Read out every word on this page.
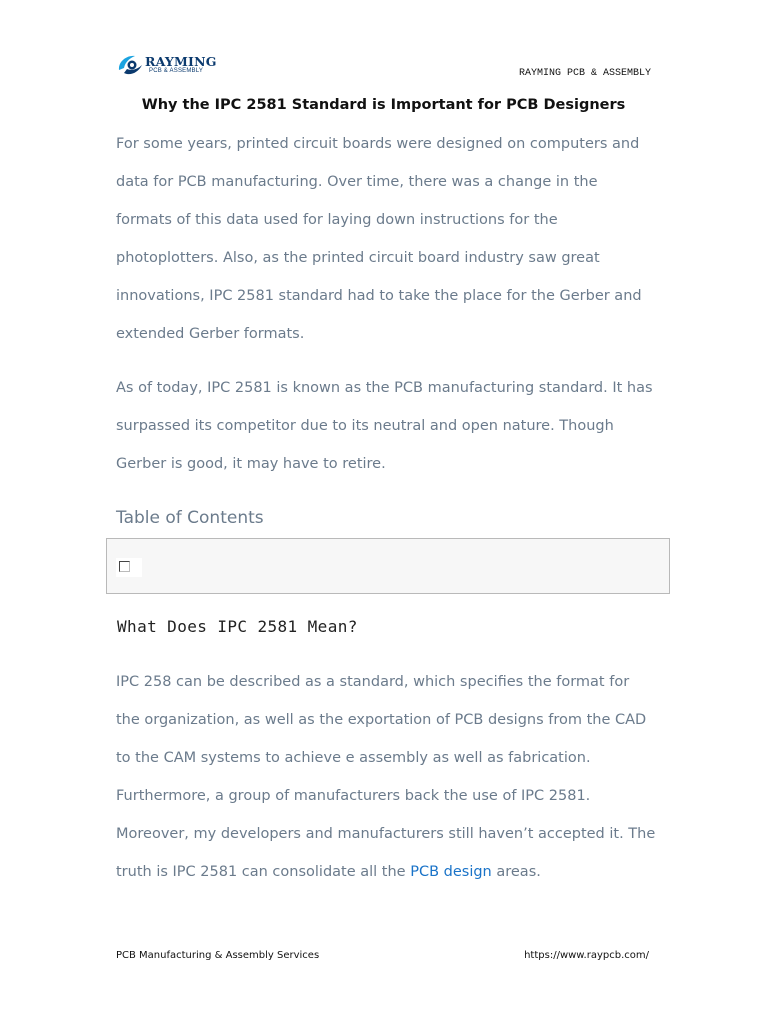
RAYMING
PCB & ASSEMBLY	RAYMING PCB & ASSEMBLY
Why the IPC 2581 Standard is Important for PCB Designers

For some years, printed circuit boards were designed on computers and data for PCB manufacturing. Over time, there was a change in the formats of this data used for laying down instructions for the photoplotters. Also, as the printed circuit board industry saw great innovations, IPC 2581 standard had to take the place for the Gerber and extended Gerber formats.

As of today, IPC 2581 is known as the PCB manufacturing standard. It has surpassed its competitor due to its neutral and open nature. Though Gerber is good, it may have to retire.

Table of Contents
What Does IPC 2581 Mean?

IPC 258 can be described as a standard, which specifies the format for the organization, as well as the exportation of PCB designs from the CAD to the CAM systems to achieve e assembly as well as fabrication. Furthermore, a group of manufacturers back the use of IPC 2581. Moreover, my developers and manufacturers still haven’t accepted it. The truth is IPC 2581 can consolidate all the PCB design areas.

PCB Manufacturing & Assembly Services	https://www.raypcb.com/
